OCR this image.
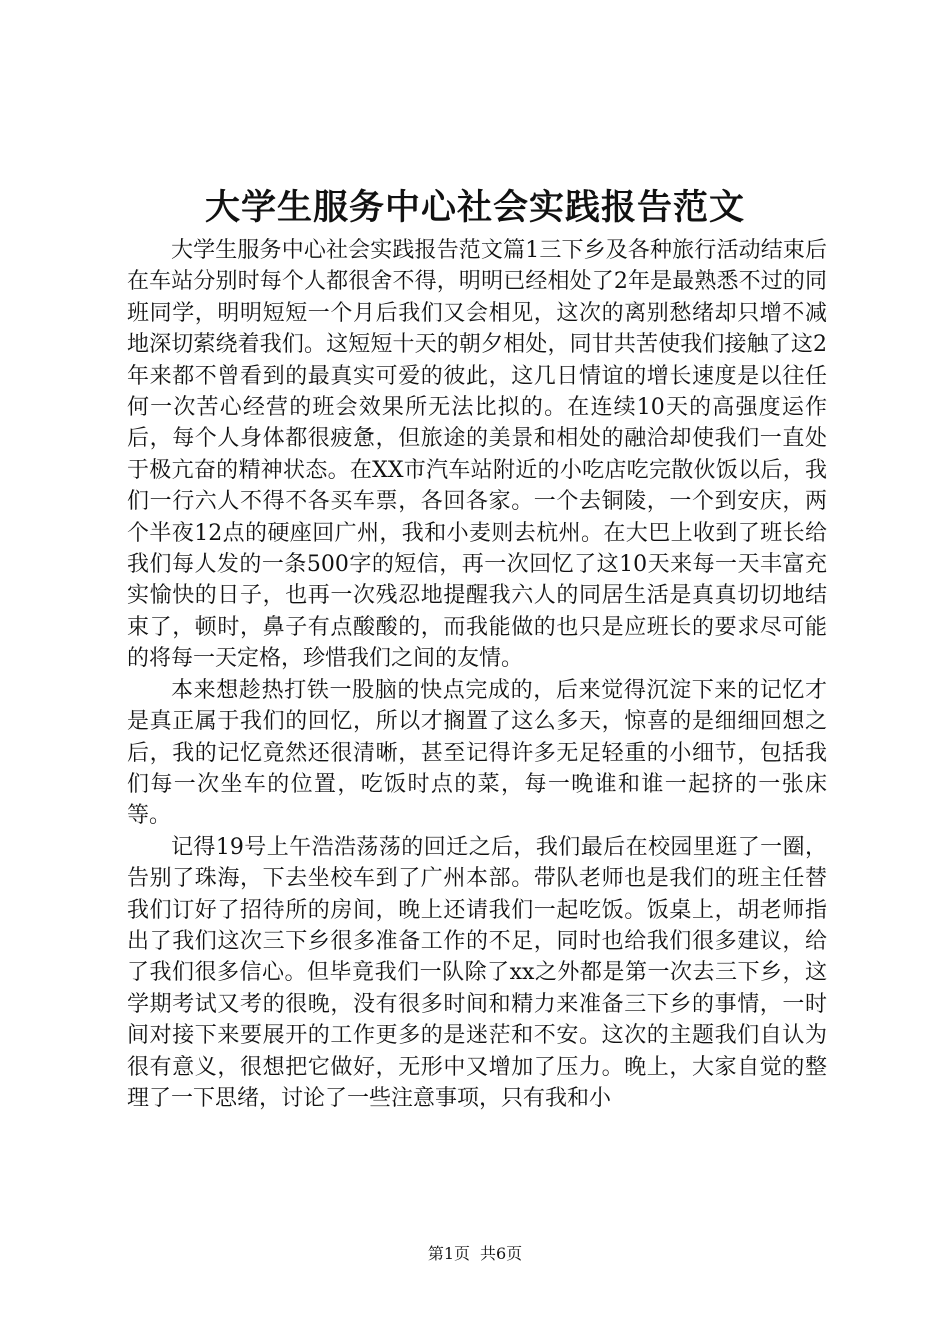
大学生服务中心社会实践报告范文

大学生服务中心社会实践报告范文篇1三下乡及各种旅行活动结束后在车站分别时每个人都很舍不得，明明已经相处了2年是最熟悉不过的同班同学，明明短短一个月后我们又会相见，这次的离别愁绪却只增不减地深切萦绕着我们。这短短十天的朝夕相处，同甘共苦使我们接触了这2年来都不曾看到的最真实可爱的彼此，这几日情谊的增长速度是以往任何一次苦心经营的班会效果所无法比拟的。在连续10天的高强度运作后，每个人身体都很疲惫，但旅途的美景和相处的融洽却使我们一直处于极亢奋的精神状态。在XX市汽车站附近的小吃店吃完散伙饭以后，我们一行六人不得不各买车票，各回各家。一个去铜陵，一个到安庆，两个半夜12点的硬座回广州，我和小麦则去杭州。在大巴上收到了班长给我们每人发的一条500字的短信，再一次回忆了这10天来每一天丰富充实愉快的日子，也再一次残忍地提醒我六人的同居生活是真真切切地结束了，顿时，鼻子有点酸酸的，而我能做的也只是应班长的要求尽可能的将每一天定格，珍惜我们之间的友情。

本来想趁热打铁一股脑的快点完成的，后来觉得沉淀下来的记忆才是真正属于我们的回忆，所以才搁置了这么多天，惊喜的是细细回想之后，我的记忆竟然还很清晰，甚至记得许多无足轻重的小细节，包括我们每一次坐车的位置，吃饭时点的菜，每一晚谁和谁一起挤的一张床等。

记得19号上午浩浩荡荡的回迁之后，我们最后在校园里逛了一圈，告别了珠海，下去坐校车到了广州本部。带队老师也是我们的班主任替我们订好了招待所的房间，晚上还请我们一起吃饭。饭桌上，胡老师指出了我们这次三下乡很多准备工作的不足，同时也给我们很多建议，给了我们很多信心。但毕竟我们一队除了xx之外都是第一次去三下乡，这学期考试又考的很晚，没有很多时间和精力来准备三下乡的事情，一时间对接下来要展开的工作更多的是迷茫和不安。这次的主题我们自认为很有意义，很想把它做好，无形中又增加了压力。晚上，大家自觉的整理了一下思绪，讨论了一些注意事项，只有我和小

第1页 共6页
